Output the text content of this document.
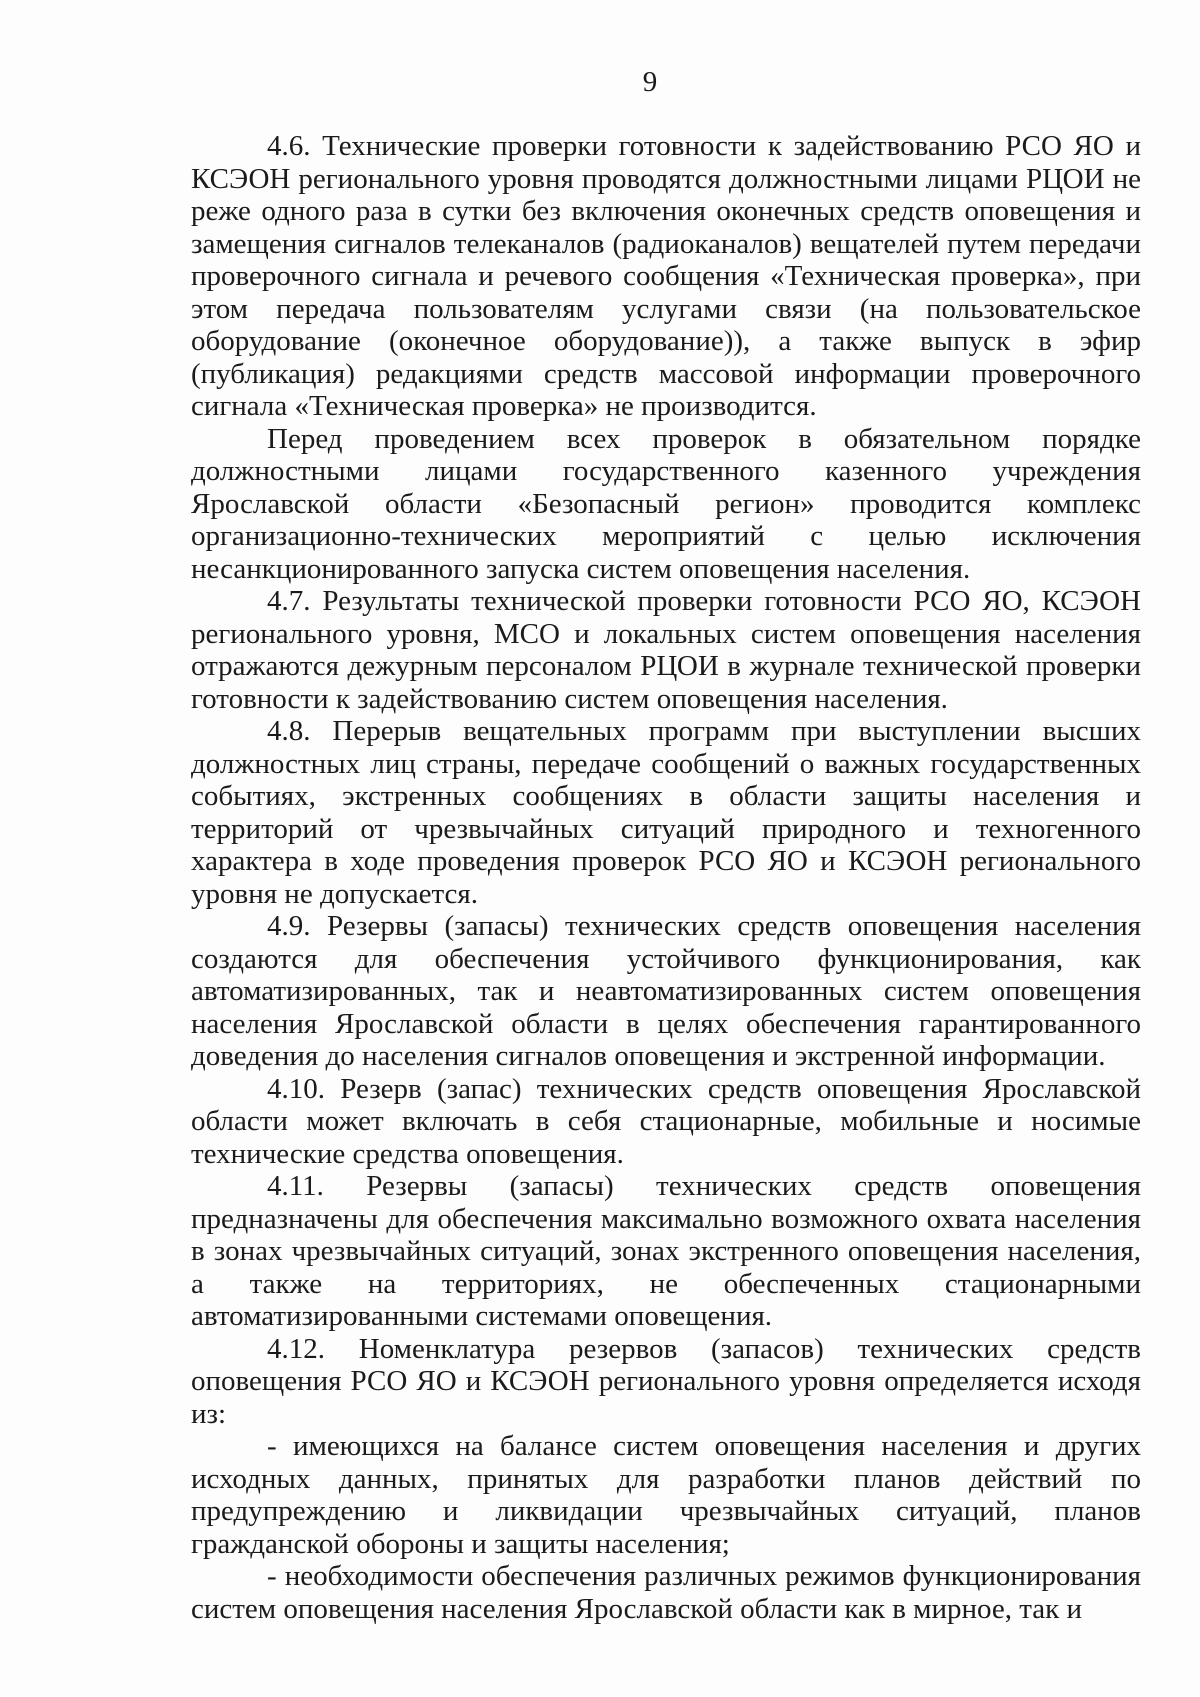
9

4.6. Технические проверки готовности к задействованию РСО ЯО и КСЭОН регионального уровня проводятся должностными лицами РЦОИ не реже одного раза в сутки без включения оконечных средств оповещения и замещения сигналов телеканалов (радиоканалов) вещателей путем передачи проверочного сигнала и речевого сообщения «Техническая проверка», при этом передача пользователям услугами связи (на пользовательское оборудование (оконечное оборудование)), а также выпуск в эфир (публикация) редакциями средств массовой информации проверочного сигнала «Техническая проверка» не производится.

Перед проведением всех проверок в обязательном порядке должностными лицами государственного казенного учреждения Ярославской области «Безопасный регион» проводится комплекс организационно-технических мероприятий с целью исключения несанкционированного запуска систем оповещения населения.

4.7. Результаты технической проверки готовности РСО ЯО, КСЭОН регионального уровня, МСО и локальных систем оповещения населения отражаются дежурным персоналом РЦОИ в журнале технической проверки готовности к задействованию систем оповещения населения.

4.8. Перерыв вещательных программ при выступлении высших должностных лиц страны, передаче сообщений о важных государственных событиях, экстренных сообщениях в области защиты населения и территорий от чрезвычайных ситуаций природного и техногенного характера в ходе проведения проверок РСО ЯО и КСЭОН регионального уровня не допускается.

4.9. Резервы (запасы) технических средств оповещения населения создаются для обеспечения устойчивого функционирования, как автоматизированных, так и неавтоматизированных систем оповещения населения Ярославской области в целях обеспечения гарантированного доведения до населения сигналов оповещения и экстренной информации.

4.10. Резерв (запас) технических средств оповещения Ярославской области может включать в себя стационарные, мобильные и носимые технические средства оповещения.

4.11. Резервы (запасы) технических средств оповещения предназначены для обеспечения максимально возможного охвата населения в зонах чрезвычайных ситуаций, зонах экстренного оповещения населения, а также на территориях, не обеспеченных стационарными автоматизированными системами оповещения.

4.12. Номенклатура резервов (запасов) технических средств оповещения РСО ЯО и КСЭОН регионального уровня определяется исходя из:

- имеющихся на балансе систем оповещения населения и других исходных данных, принятых для разработки планов действий по предупреждению и ликвидации чрезвычайных ситуаций, планов гражданской обороны и защиты населения;

- необходимости обеспечения различных режимов функционирования систем оповещения населения Ярославской области как в мирное, так и
